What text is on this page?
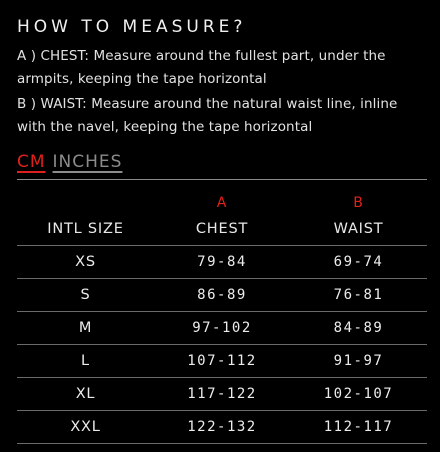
HOW TO MEASURE?

A ) CHEST: Measure around the fullest part, under the armpits, keeping the tape horizontal

B ) WAIST: Measure around the natural waist line, inline with the navel, keeping the tape horizontal

CM INCHES
	A	B
INTL SIZE	CHEST	WAIST
XS	79-84	69-74
S	86-89	76-81
M	97-102	84-89
L	107-112	91-97
XL	117-122	102-107
XXL	122-132	112-117
